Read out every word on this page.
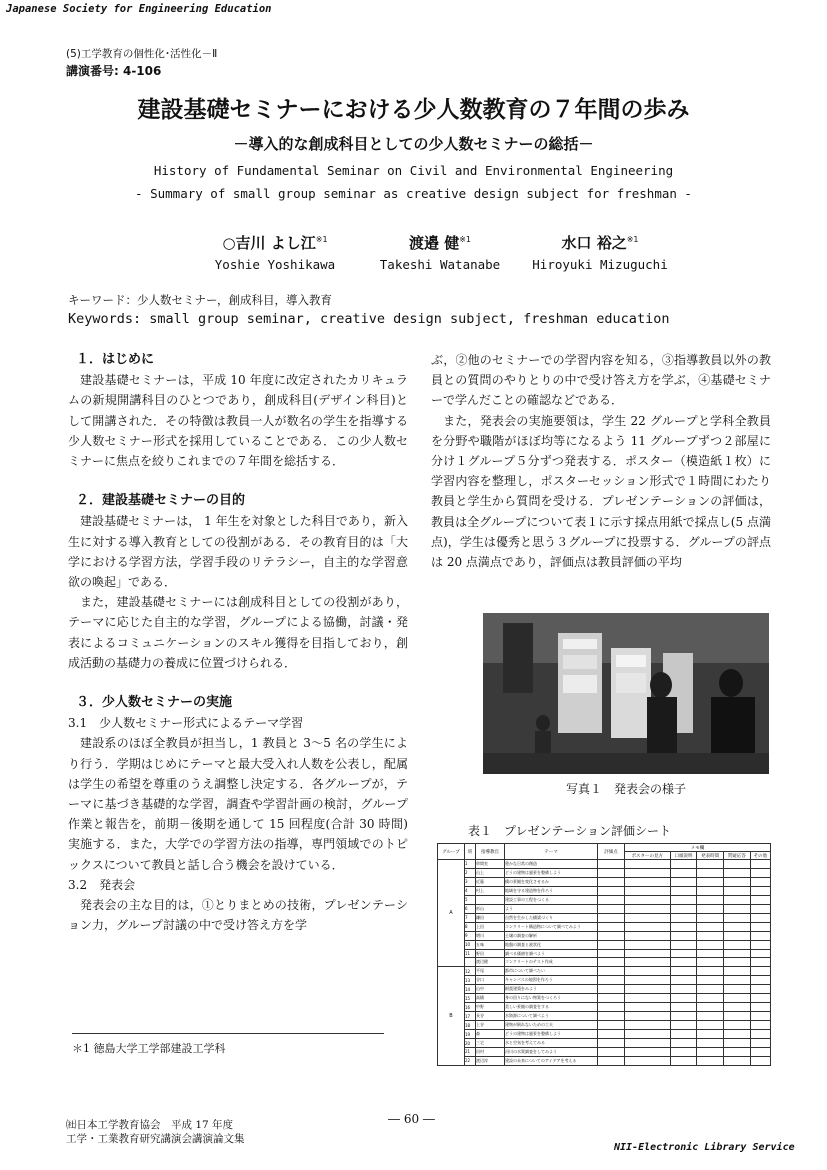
Japanese Society for Engineering Education
(5)工学教育の個性化･活性化－Ⅱ
講演番号: 4-106
建設基礎セミナーにおける少人数教育の７年間の歩み
－導入的な創成科目としての少人数セミナーの総括－
History of Fundamental Seminar on Civil and Environmental Engineering
- Summary of small group seminar as creative design subject for freshman -
○吉川 よし江$^{※1}$
Yoshie Yoshikawa
渡邉 健$^{※1}$
Takeshi Watanabe
水口 裕之$^{※1}$
Hiroyuki Mizuguchi
キーワード：少人数セミナー，創成科目，導入教育
Keywords: small group seminar, creative design subject, freshman education
１．はじめに

建設基礎セミナーは，平成 10 年度に改定されたカリキュラムの新規開講科目のひとつであり，創成科目(デザイン科目)として開講された．その特徴は教員一人が数名の学生を指導する少人数セミナー形式を採用していることである．この少人数セミナーに焦点を絞りこれまでの７年間を総括する．

２．建設基礎セミナーの目的

建設基礎セミナーは， 1 年生を対象とした科目であり，新入生に対する導入教育としての役割がある．その教育目的は「大学における学習方法，学習手段のリテラシー，自主的な学習意欲の喚起」である．

また，建設基礎セミナーには創成科目としての役割があり，テーマに応じた自主的な学習，グループによる協働，討議・発表によるコミュニケーションのスキル獲得を目指しており，創成活動の基礎力の養成に位置づけられる．

３．少人数セミナーの実施
3.1　少人数セミナー形式によるテーマ学習

建設系のほぼ全教員が担当し，1 教員と 3～5 名の学生により行う．学期はじめにテーマと最大受入れ人数を公表し，配属は学生の希望を尊重のうえ調整し決定する．各グループが，テーマに基づき基礎的な学習，調査や学習計画の検討，グループ作業と報告を，前期－後期を通して 15 回程度(合計 30 時間)実施する．また，大学での学習方法の指導，専門領域でのトピックスについて教員と話し合う機会を設けている．

3.2　発表会

発表会の主な目的は，①とりまとめの技術，プレゼンテーション力，グループ討議の中で受け答え方を学

ぶ，②他のセミナーでの学習内容を知る，③指導教員以外の教員との質問のやりとりの中で受け答え方を学ぶ，④基礎セミナーで学んだことの確認などである．

また，発表会の実施要領は，学生 22 グループと学科全教員を分野や職階がほぼ均等になるよう 11 グループずつ２部屋に分け１グループ５分ずつ発表する．ポスター（模造紙１枚）に学習内容を整理し，ポスターセッション形式で１時間にわたり教員と学生から質問を受ける．プレゼンテーションの評価は，教員は全グループについて表１に示す採点用紙で採点し(5 点満点)，学生は優秀と思う３グループに投票する．グループの評点は 20 点満点であり，評価点は教員評価の平均

写真１　発表会の様子
表１　プレゼンテーション評価シート
グループ	班	指導教官	テーマ	評価点	メモ欄				
					ポスターの見方	口頭説明	発表時間	質疑応答	その他
A	1	草間室	豊かな日常の創造						
	2	山上	どうの建物は風景を整備しよう						
	3	近藤	橋の景観を変化させるか						
	4	村上	地域を守る建造物を作ろう						
	5		建設工事の工程をつくる						
	6	杉山	よう						
	7	鎌田	自然を生かした橋梁づくり						
	8	上田	コンクリート構造物について調べてみよう						
	9	増川	土壌の調査の解析						
	10	五味	地盤の調査と液状化						
	11	野田	調べる価値を調べよう						
		渡辺健	コンクリートのテスト作成						
B	12	平尾	都市について調べたい						
	13	谷口	キャンパスの地図を作ろう						
	14	山中	耐震建築をみよう						
	15	高橋	身の回りにない物質をつくろう						
	16	中野	美しい景観の調査をする						
	17	長谷	水資源について調べよう						
	18	上谷	建物が倒れないための工夫						
	19	森	どうの建物は風景を整備しよう						
	20	三宅	水と空気を考えてみる						
	21	田村	河川の水質調査をしてみよう						
	22	渡辺淳	建設の未来についてのアイデアを考える						
＊1 徳島大学工学部建設工学科
㈳日本工学教育協会　平成 17 年度
工学・工業教育研究講演会講演論文集
― 60 ―
NII-Electronic Library Service
